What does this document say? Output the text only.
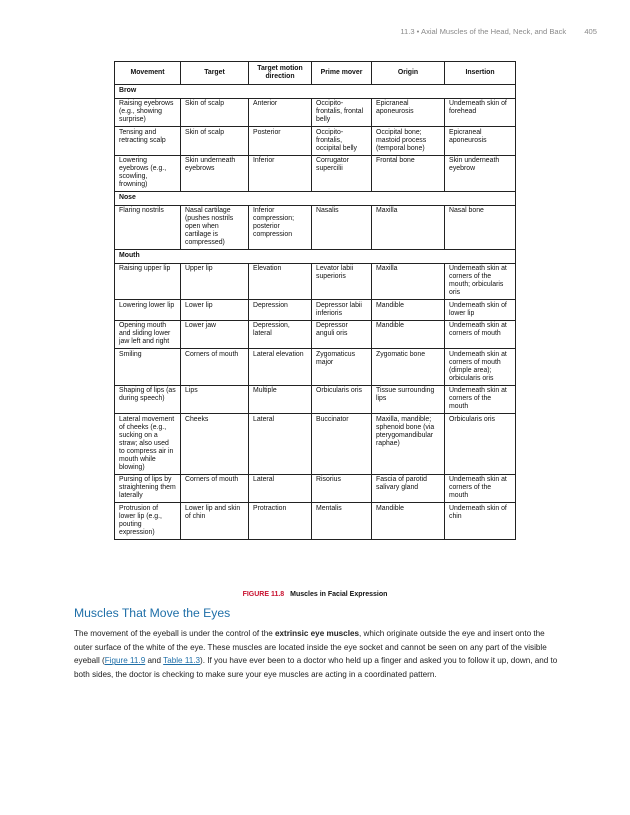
11.3 • Axial Muscles of the Head, Neck, and Back 405
Movement	Target	Target motion direction	Prime mover	Origin	Insertion
Brow					
Raising eyebrows (e.g., showing surprise)	Skin of scalp	Anterior	Occipito-frontalis, frontal belly	Epicraneal aponeurosis	Underneath skin of forehead
Tensing and retracting scalp	Skin of scalp	Posterior	Occipito-frontalis, occipital belly	Occipital bone; mastoid process (temporal bone)	Epicraneal aponeurosis
Lowering eyebrows (e.g., scowling, frowning)	Skin underneath eyebrows	Inferior	Corrugator supercilii	Frontal bone	Skin underneath eyebrow
Nose					
Flaring nostrils	Nasal cartilage (pushes nostrils open when cartilage is compressed)	Inferior compression; posterior compression	Nasalis	Maxilla	Nasal bone
Mouth					
Raising upper lip	Upper lip	Elevation	Levator labii superioris	Maxilla	Underneath skin at corners of the mouth; orbicularis oris
Lowering lower lip	Lower lip	Depression	Depressor labii inferioris	Mandible	Underneath skin of lower lip
Opening mouth and sliding lower jaw left and right	Lower jaw	Depression, lateral	Depressor anguli oris	Mandible	Underneath skin at corners of mouth
Smiling	Corners of mouth	Lateral elevation	Zygomaticus major	Zygomatic bone	Underneath skin at corners of mouth (dimple area); orbicularis oris
Shaping of lips (as during speech)	Lips	Multiple	Orbicularis oris	Tissue surrounding lips	Underneath skin at corners of the mouth
Lateral movement of cheeks (e.g., sucking on a straw; also used to compress air in mouth while blowing)	Cheeks	Lateral	Buccinator	Maxilla, mandible; sphenoid bone (via pterygomandibular raphae)	Orbicularis oris
Pursing of lips by straightening them laterally	Corners of mouth	Lateral	Risorius	Fascia of parotid salivary gland	Underneath skin at corners of the mouth
Protrusion of lower lip (e.g., pouting expression)	Lower lip and skin of chin	Protraction	Mentalis	Mandible	Underneath skin of chin
FIGURE 11.8 Muscles in Facial Expression
Muscles That Move the Eyes

The movement of the eyeball is under the control of the extrinsic eye muscles, which originate outside the eye and insert onto the outer surface of the white of the eye. These muscles are located inside the eye socket and cannot be seen on any part of the visible eyeball (Figure 11.9 and Table 11.3). If you have ever been to a doctor who held up a finger and asked you to follow it up, down, and to both sides, the doctor is checking to make sure your eye muscles are acting in a coordinated pattern.
